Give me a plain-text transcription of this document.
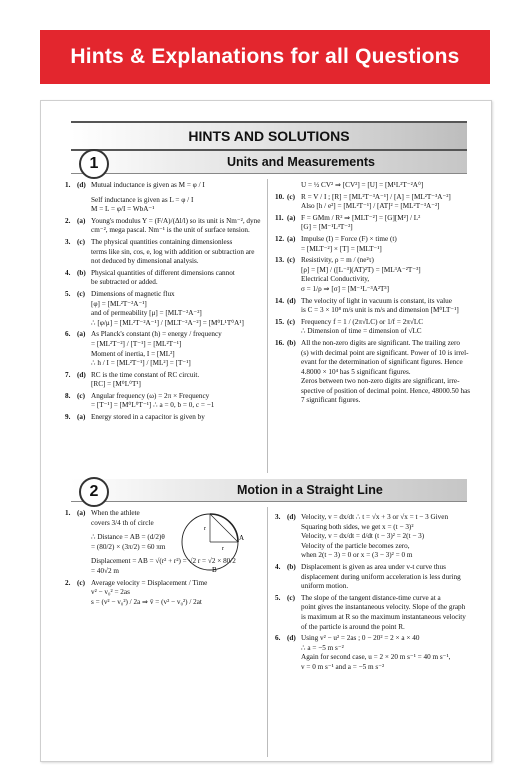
Hints & Explanations for all Questions
HINTS AND SOLUTIONS
1	Units and Measurements
1. (d) Mutual inductance is given as M = φ / I
Self inductance is given as L = φ / I
M = L = φ/I = WbA⁻¹
2. (a) Young's modulus Y = (F/A)/(Δl/l) so its unit is Nm⁻², dyne
cm⁻², mega pascal. Nm⁻¹ is the unit of surface tension.
3. (c) The physical quantities containing dimensionless
terms like sin, cos, e, log with addition or subtraction are
not deduced by dimensional analysis.
4. (b) Physical quantities of different dimensions cannot
be subtracted or added.
5. (c) Dimensions of magnetic flux
[φ] = [ML²T⁻²A⁻¹]
and of permeability [μ] = [MLT⁻²A⁻²]
∴ [φ/μ] = [ML²T⁻²A⁻¹] / [MLT⁻²A⁻²] = [M⁰L¹T⁰A¹]
6. (a) As Planck's constant (h) = energy / frequency
= [ML²T⁻²] / [T⁻¹] = [ML²T⁻¹]
Moment of inertia, I = [ML²]
∴ h / I = [ML²T⁻¹] / [ML²] = [T⁻¹]
7. (d) RC is the time constant of RC circuit.
[RC] = [M⁰L⁰T¹]
8. (c) Angular frequency (ω) = 2π × Frequency
= [T⁻¹] = [M⁰L⁰T⁻¹] ∴ a = 0, b = 0, c = −1
9. (a) Energy stored in a capacitor is given by
U = ½ CV² ⇒ [CV²] = [U] = [M¹L²T⁻²A⁰]
10. (c) R = V / I ; [R] = [ML²T⁻³A⁻¹] / [A] = [ML²T⁻³A⁻²]
Also [h / e²] = [ML²T⁻¹] / [AT]² = [ML²T⁻³A⁻²]
11. (a) F = GMm / R² ⇒ [MLT⁻²] = [G][M²] / L²
[G] = [M⁻¹L³T⁻²]
12. (a) Impulse (I) = Force (F) × time (t)
= [MLT⁻²] × [T] = [MLT⁻¹]
13. (c) Resistivity, ρ = m / (ne²τ)
[ρ] = [M] / ([L⁻³](AT)²T) = [ML³A⁻²T⁻³]
Electrical Conductivity,
σ = 1/ρ ⇒ [σ] = [M⁻¹L⁻³A²T³]
14. (d) The velocity of light in vacuum is constant, its value
is C = 3 × 10⁸ m/s unit is m/s and dimension [M⁰LT⁻¹]
15. (c) Frequency f = 1 / (2π√LC) or 1/f = 2π√LC
∴ Dimension of time = dimension of √LC
16. (b) All the non-zero digits are significant. The trailing zero
(s) with decimal point are significant. Power of 10 is irrel-
evant for the determination of significant figures. Hence
4.8000 × 10⁴ has 5 significant figures.
Zeros between two non-zero digits are significant, irre-
spective of position of decimal point. Hence, 48000.50 has
7 significant figures.
2	Motion in a Straight Line
1. (a) When the athlete
covers 3/4 th of circle
∴ Distance = AB = (d/2)θ
= (80/2) × (3π/2) = 60 πm
Displacement = AB = √(r² + r²) = √2 r = √2 × 80/2
= 40√2 m
2. (c) Average velocity = Displacement / Time
v² − v₀² = 2as
s = (v² − v₀²) / 2a ⇒ v̄ = (v² − v₀²) / 2at
3. (d) Velocity, v = dx/dt ∴ t = √x + 3 or √x = t − 3 Given
Squaring both sides, we get x = (t − 3)²
Velocity, v = dx/dt = d/dt (t − 3)² = 2(t − 3)
Velocity of the particle becomes zero,
when 2(t − 3) = 0 or x = (3 − 3)² = 0 m
4. (b) Displacement is given as area under v-t curve thus
displacement during uniform acceleration is less during
uniform motion.
5. (c) The slope of the tangent distance-time curve at a
point gives the instantaneous velocity. Slope of the graph
is maximum at R so the maximum instantaneous velocity
of the particle is around the point R.
6. (d) Using v² − u² = 2as ; 0 − 20² = 2 × a × 40
∴ a = −5 m s⁻²
Again for second case, u = 2 × 20 m s⁻¹ = 40 m s⁻¹,
v = 0 m s⁻¹ and a = −5 m s⁻²
A
B
r
r
